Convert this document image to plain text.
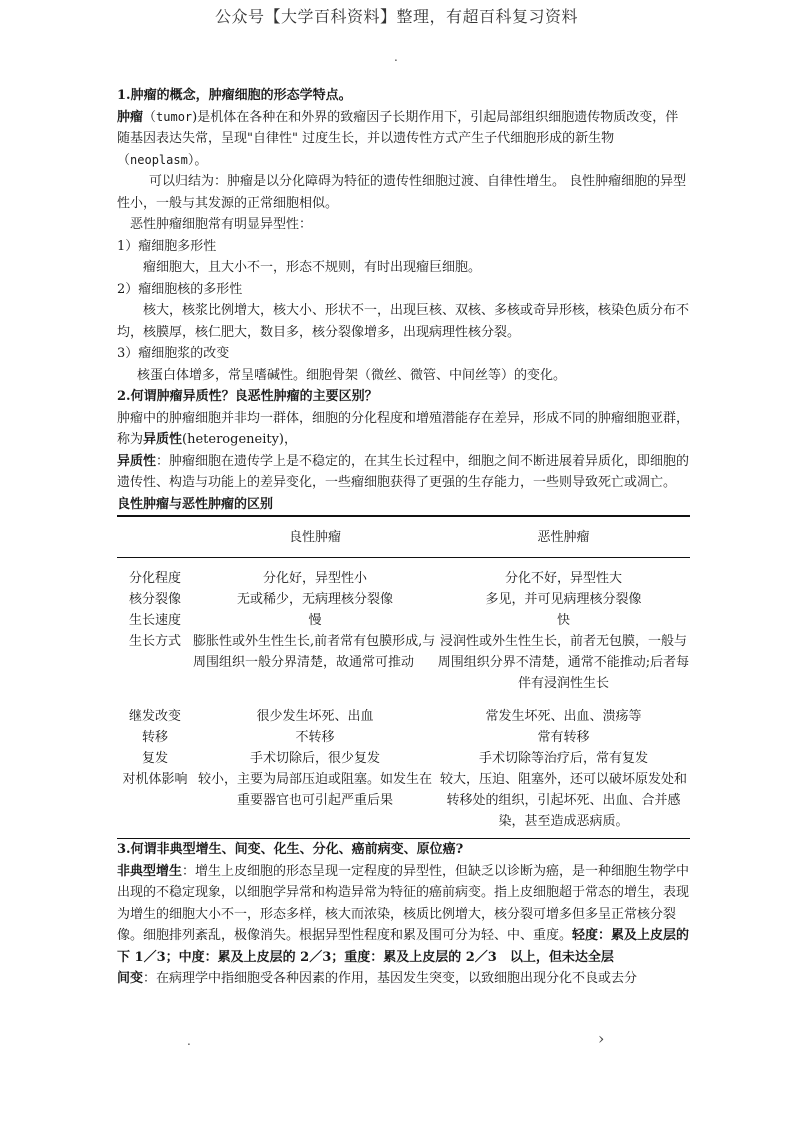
公众号【大学百科资料】整理，有超百科复习资料
.

1.肿瘤的概念，肿瘤细胞的形态学特点。

肿瘤（tumor)是机体在各种在和外界的致瘤因子长期作用下，引起局部组织细胞遗传物质改变，伴随基因表达失常，呈现"自律性" 过度生长，并以遗传性方式产生子代细胞形成的新生物（neoplasm）。

可以归结为：肿瘤是以分化障碍为特征的遗传性细胞过渡、自律性增生。 良性肿瘤细胞的异型性小，一般与其发源的正常细胞相似。

恶性肿瘤细胞常有明显异型性：

1）瘤细胞多形性

瘤细胞大，且大小不一，形态不规则，有时出现瘤巨细胞。

2）瘤细胞核的多形性

核大，核浆比例增大，核大小、形状不一，出现巨核、双核、多核或奇异形核，核染色质分布不均，核膜厚，核仁肥大，数目多，核分裂像增多，出现病理性核分裂。

3）瘤细胞浆的改变

核蛋白体增多，常呈嗜碱性。细胞骨架（微丝、微管、中间丝等）的变化。

2.何谓肿瘤异质性？良恶性肿瘤的主要区别？

肿瘤中的肿瘤细胞并非均一群体，细胞的分化程度和增殖潜能存在差异，形成不同的肿瘤细胞亚群，称为异质性(heterogeneity)，

异质性：肿瘤细胞在遗传学上是不稳定的，在其生长过程中，细胞之间不断进展着异质化，即细胞的遗传性、构造与功能上的差异变化，一些瘤细胞获得了更强的生存能力，一些则导致死亡或凋亡。

良性肿瘤与恶性肿瘤的区别

	良性肿瘤	恶性肿瘤
分化程度	分化好，异型性小	分化不好，异型性大
核分裂像	无或稀少，无病理核分裂像	多见，并可见病理核分裂像
生长速度	慢	快
生长方式	膨胀性或外生性生长,前者常有包膜形成,与周围组织一般分界清楚，故通常可推动	浸润性或外生性生长，前者无包膜，一般与周围组织分界不清楚，通常不能推动;后者每伴有浸润性生长
继发改变	很少发生坏死、出血	常发生坏死、出血、溃疡等
转移	不转移	常有转移
复发	手术切除后，很少复发	手术切除等治疗后，常有复发
对机体影响	较小，主要为局部压迫或阻塞。如发生在重要器官也可引起严重后果	较大，压迫、阻塞外，还可以破坏原发处和转移处的组织，引起坏死、出血、合并感染，甚至造成恶病质。

3.何谓非典型增生、间变、化生、分化、癌前病变、原位癌?

非典型增生：增生上皮细胞的形态呈现一定程度的异型性，但缺乏以诊断为癌，是一种细胞生物学中出现的不稳定现象，以细胞学异常和构造异常为特征的癌前病变。指上皮细胞超于常态的增生，表现为增生的细胞大小不一，形态多样，核大而浓染，核质比例增大，核分裂可增多但多呈正常核分裂像。细胞排列紊乱，极像消失。根据异型性程度和累及围可分为轻、中、重度。轻度：累及上皮层的下 1／3；中度：累及上皮层的 2／3；重度：累及上皮层的 2／3　以上，但未达全层

间变：在病理学中指细胞受各种因素的作用，基因发生突变，以致细胞出现分化不良或去分

.	›
